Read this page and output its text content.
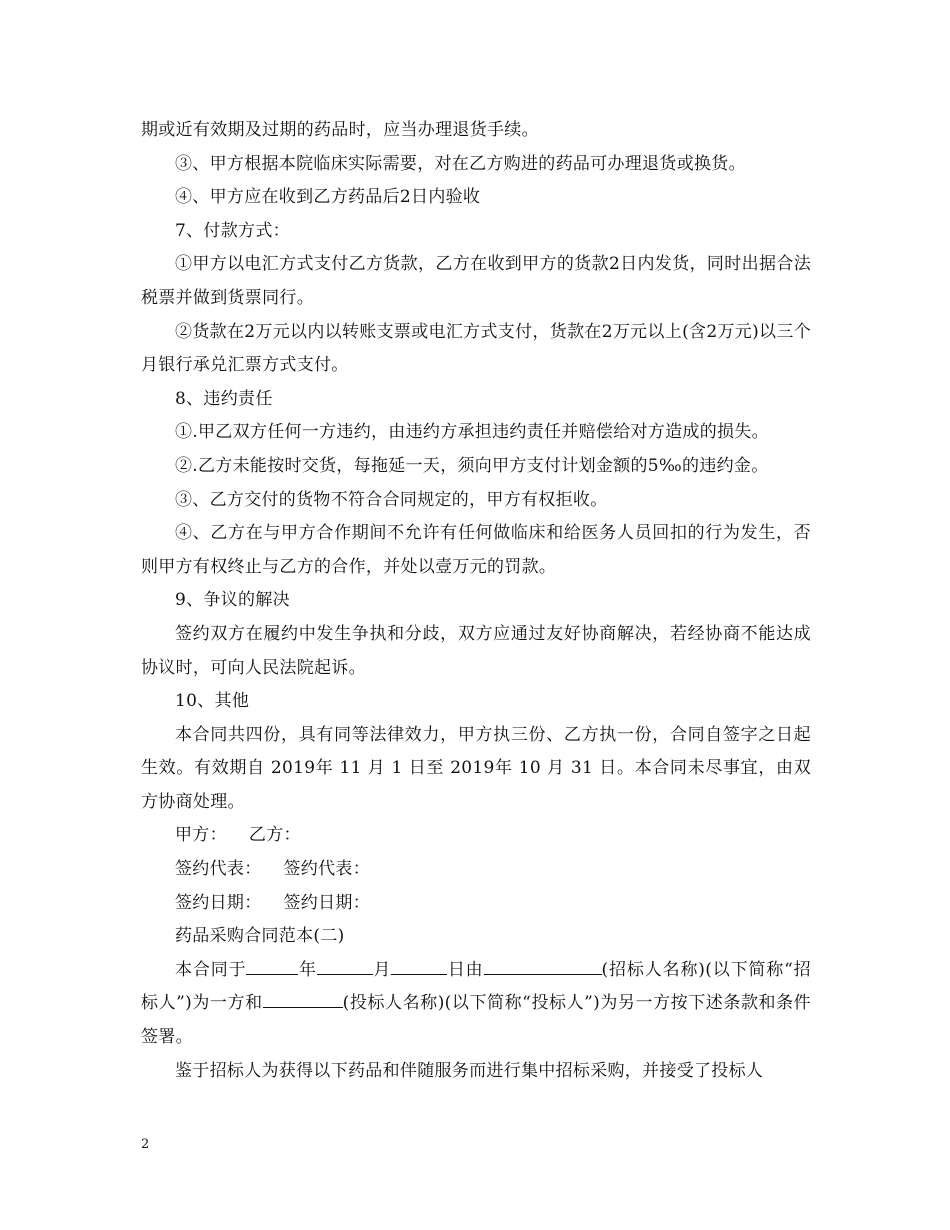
期或近有效期及过期的药品时，应当办理退货手续。

③、甲方根据本院临床实际需要，对在乙方购进的药品可办理退货或换货。

④、甲方应在收到乙方药品后2日内验收

7、付款方式：

①甲方以电汇方式支付乙方货款，乙方在收到甲方的货款2日内发货，同时出据合法税票并做到货票同行。

②货款在2万元以内以转账支票或电汇方式支付，货款在2万元以上(含2万元)以三个月银行承兑汇票方式支付。

8、违约责任

①.甲乙双方任何一方违约，由违约方承担违约责任并赔偿给对方造成的损失。

②.乙方未能按时交货，每拖延一天，须向甲方支付计划金额的5‰的违约金。

③、乙方交付的货物不符合合同规定的，甲方有权拒收。

④、乙方在与甲方合作期间不允许有任何做临床和给医务人员回扣的行为发生，否则甲方有权终止与乙方的合作，并处以壹万元的罚款。

9、争议的解决

签约双方在履约中发生争执和分歧，双方应通过友好协商解决，若经协商不能达成协议时，可向人民法院起诉。

10、其他

本合同共四份，具有同等法律效力，甲方执三份、乙方执一份，合同自签字之日起生效。有效期自 2019年 11 月 1 日至 2019年 10 月 31 日。本合同未尽事宜，由双方协商处理。

甲方： 乙方：

签约代表： 签约代表：

签约日期： 签约日期：

药品采购合同范本(二)

本合同于	年	月	日由	(招标人名称)(以下简称“招标人”)为一方和	(投标人名称)(以下简称“投标人”)为另一方按下述条款和条件签署。

鉴于招标人为获得以下药品和伴随服务而进行集中招标采购，并接受了投标人

2
